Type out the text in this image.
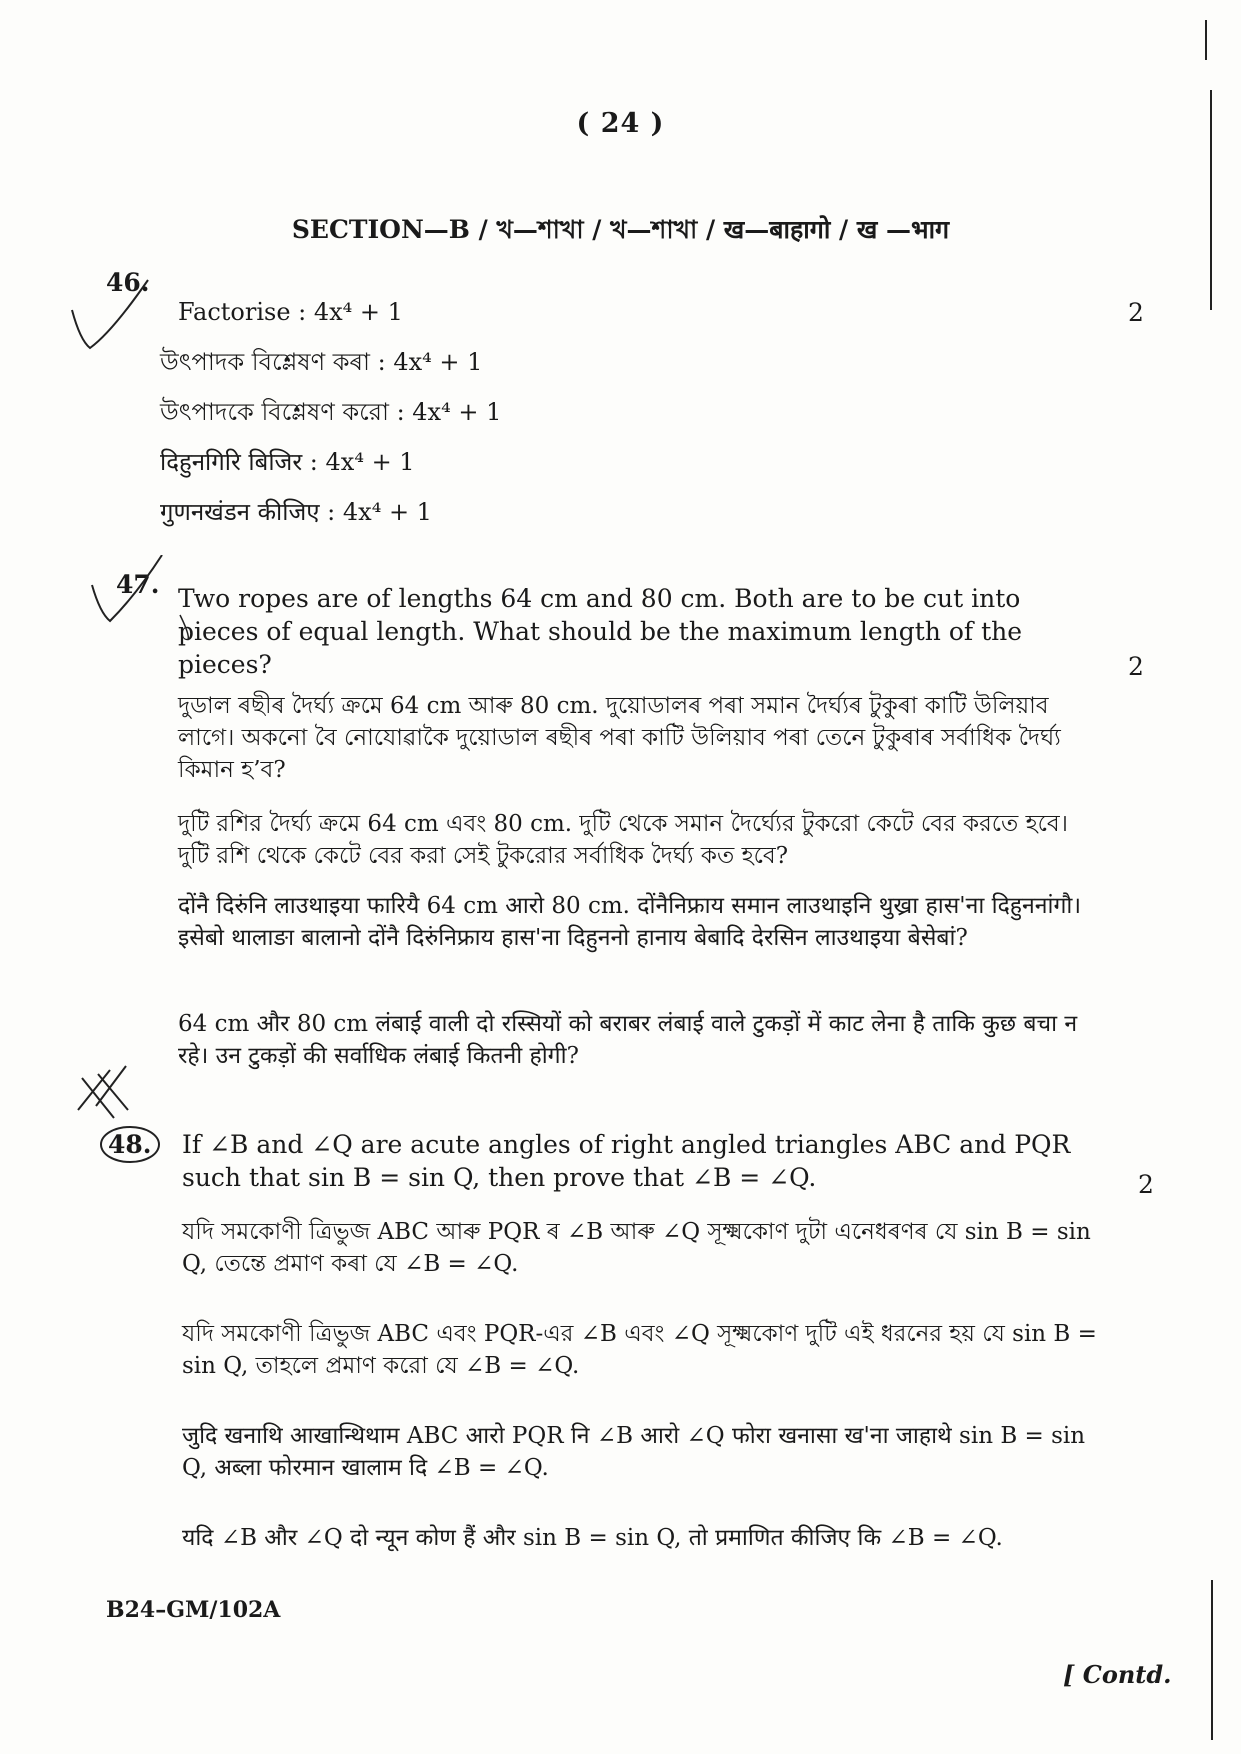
( 24 )
SECTION—B / খ—শাখা / খ—শাখা / ख—बाहागो / ख —भाग
46.
2
Factorise : 4x⁴ + 1
উৎপাদক বিশ্লেষণ কৰা : 4x⁴ + 1
উৎপাদকে বিশ্লেষণ করো : 4x⁴ + 1
दिहुनगिरि बिजिर : 4x⁴ + 1
गुणनखंडन कीजिए : 4x⁴ + 1
47.
2
Two ropes are of lengths 64 cm and 80 cm. Both are to be cut into pieces of equal length. What should be the maximum length of the pieces?
দুডাল ৰছীৰ দৈৰ্ঘ্য ক্ৰমে 64 cm আৰু 80 cm. দুয়োডালৰ পৰা সমান দৈৰ্ঘ্যৰ টুকুৰা কাটি উলিয়াব লাগে। অকনো বৈ নোযোৱাকৈ দুয়োডাল ৰছীৰ পৰা কাটি উলিয়াব পৰা তেনে টুকুৰাৰ সৰ্বাধিক দৈৰ্ঘ্য কিমান হ’ব?
দুটি রশির দৈর্ঘ্য ক্রমে 64 cm এবং 80 cm. দুটি থেকে সমান দৈর্ঘ্যের টুকরো কেটে বের করতে হবে। দুটি রশি থেকে কেটে বের করা সেই টুকরোর সর্বাধিক দৈর্ঘ্য কত হবে?
दोंनै दिरुंनि लाउथाइया फारियै 64 cm आरो 80 cm. दोंनैनिफ्राय समान लाउथाइनि थुख्रा हास'ना दिहुननांगौ। इसेबो थालाङा बालानो दोंनै दिरुंनिफ्राय हास'ना दिहुननो हानाय बेबादि देरसिन लाउथाइया बेसेबां?
64 cm और 80 cm लंबाई वाली दो रस्सियों को बराबर लंबाई वाले टुकड़ों में काट लेना है ताकि कुछ बचा न रहे। उन टुकड़ों की सर्वाधिक लंबाई कितनी होगी?
48.
2
If ∠B and ∠Q are acute angles of right angled triangles ABC and PQR such that sin B = sin Q, then prove that ∠B = ∠Q.
যদি সমকোণী ত্ৰিভুজ ABC আৰু PQR ৰ ∠B আৰু ∠Q সূক্ষ্মকোণ দুটা এনেধৰণৰ যে sin B = sin Q, তেন্তে প্ৰমাণ কৰা যে ∠B = ∠Q.
যদি সমকোণী ত্রিভুজ ABC এবং PQR-এর ∠B এবং ∠Q সূক্ষ্মকোণ দুটি এই ধরনের হয় যে sin B = sin Q, তাহলে প্রমাণ করো যে ∠B = ∠Q.
जुदि खनाथि आखान्थिथाम ABC आरो PQR नि ∠B आरो ∠Q फोरा खनासा ख'ना जाहाथे sin B = sin Q, अब्ला फोरमान खालाम दि ∠B = ∠Q.
यदि ∠B और ∠Q दो न्यून कोण हैं और sin B = sin Q, तो प्रमाणित कीजिए कि ∠B = ∠Q.
B24–GM/102A
[ Contd.
